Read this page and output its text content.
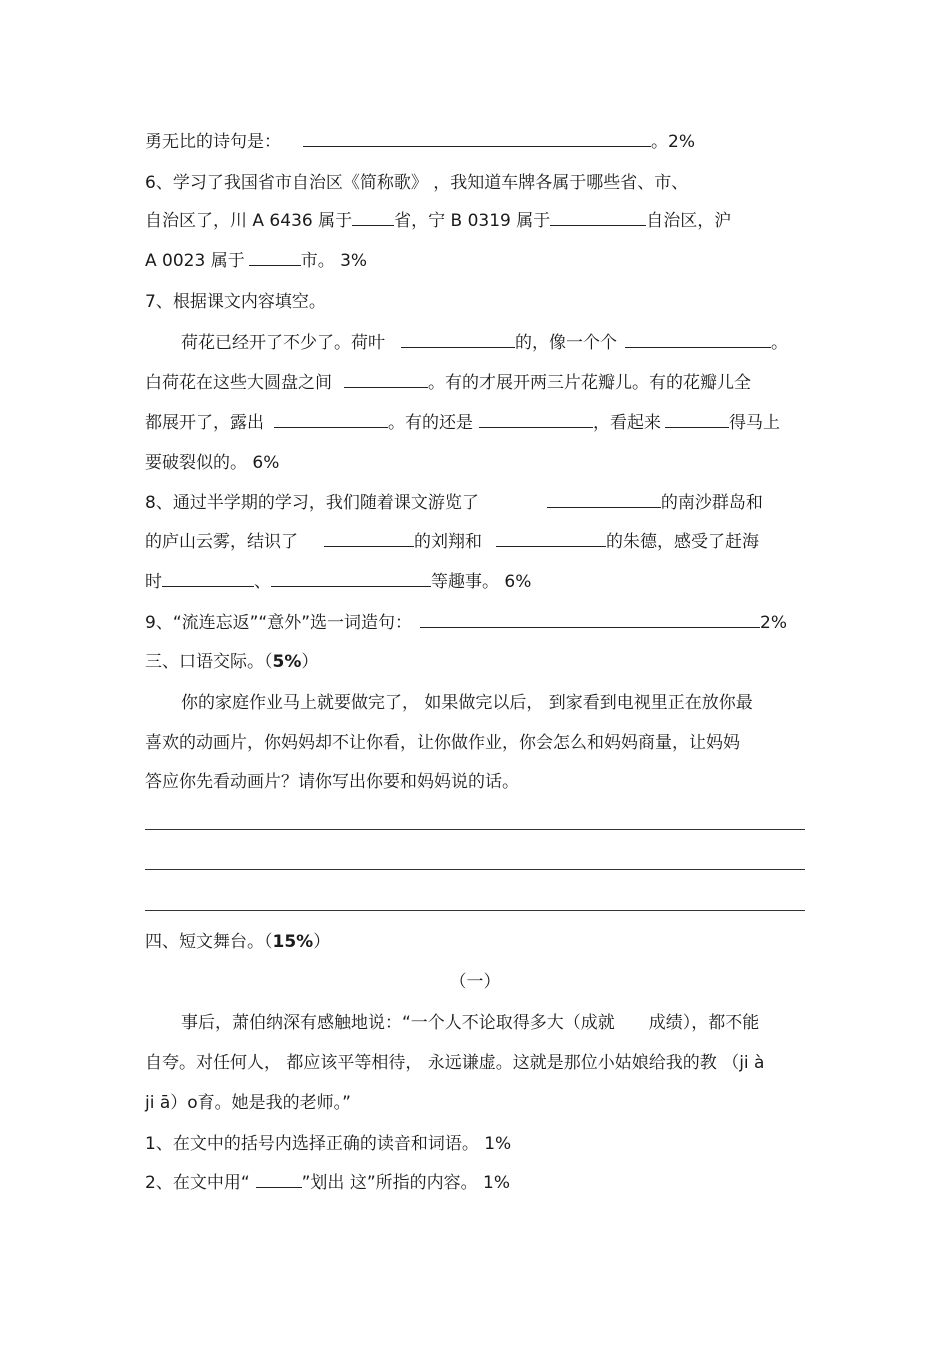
勇无比的诗句是：	。2%
6、学习了我国省市自治区《简称歌》 ，我知道车牌各属于哪些省、市、
自治区了，川 A 6436 属于 省，宁 B 0319 属于	自治区，沪
A 0023 属于	市。 3%
7、根据课文内容填空。
荷花已经开了不少了。荷叶	的，像一个个	。
白荷花在这些大圆盘之间	。有的才展开两三片花瓣儿。有的花瓣儿全
都展开了，露出	。有的还是	，看起来	得马上
要破裂似的。 6%
8、通过半学期的学习，我们随着课文游览了	的南沙群岛和
的庐山云雾，结识了	的刘翔和	的朱德，感受了赶海
时	、	等趣事。 6%
9、“流连忘返”“意外”选一词造句：	2%
三、口语交际。（5%）
你的家庭作业马上就要做完了， 如果做完以后， 到家看到电视里正在放你最
喜欢的动画片，你妈妈却不让你看，让你做作业，你会怎么和妈妈商量，让妈妈
答应你先看动画片？请你写出你要和妈妈说的话。
四、短文舞台。（15%）
（一）
事后，萧伯纳深有感触地说：“一个人不论取得多大（成就　　成绩），都不能
自夸。对任何人， 都应该平等相待， 永远谦虚。这就是那位小姑娘给我的教 （ji à
ji ā）o育。她是我的老师。”
1、在文中的括号内选择正确的读音和词语。 1%
2、在文中用“	”划出 这”所指的内容。 1%
